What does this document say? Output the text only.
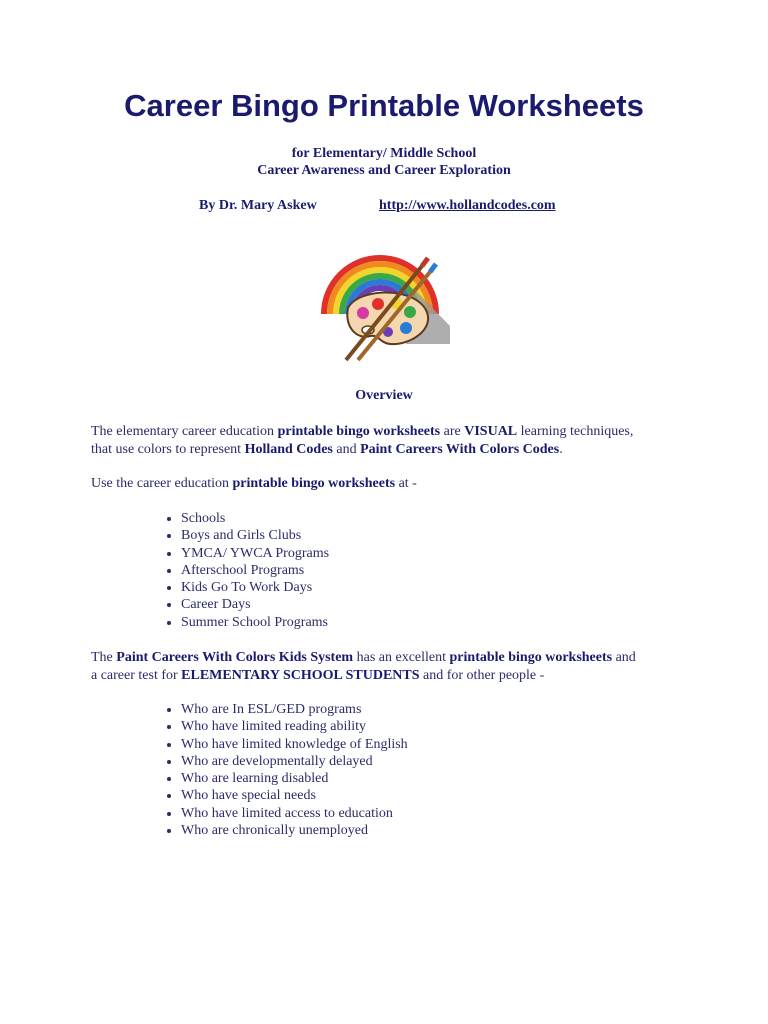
Career Bingo Printable Worksheets

for Elementary/ Middle School

Career Awareness and Career Exploration

By Dr. Mary Askew	http://www.hollandcodes.com
Overview
The elementary career education printable bingo worksheets are VISUAL learning techniques,
that use colors to represent Holland Codes and Paint Careers With Colors Codes.
Use the career education printable bingo worksheets at -
• Schools
• Boys and Girls Clubs
• YMCA/ YWCA Programs
• Afterschool Programs
• Kids Go To Work Days
• Career Days
• Summer School Programs
The Paint Careers With Colors Kids System has an excellent printable bingo worksheets and
a career test for ELEMENTARY SCHOOL STUDENTS and for other people -
• Who are In ESL/GED programs
• Who have limited reading ability
• Who have limited knowledge of English
• Who are developmentally delayed
• Who are learning disabled
• Who have special needs
• Who have limited access to education
• Who are chronically unemployed
